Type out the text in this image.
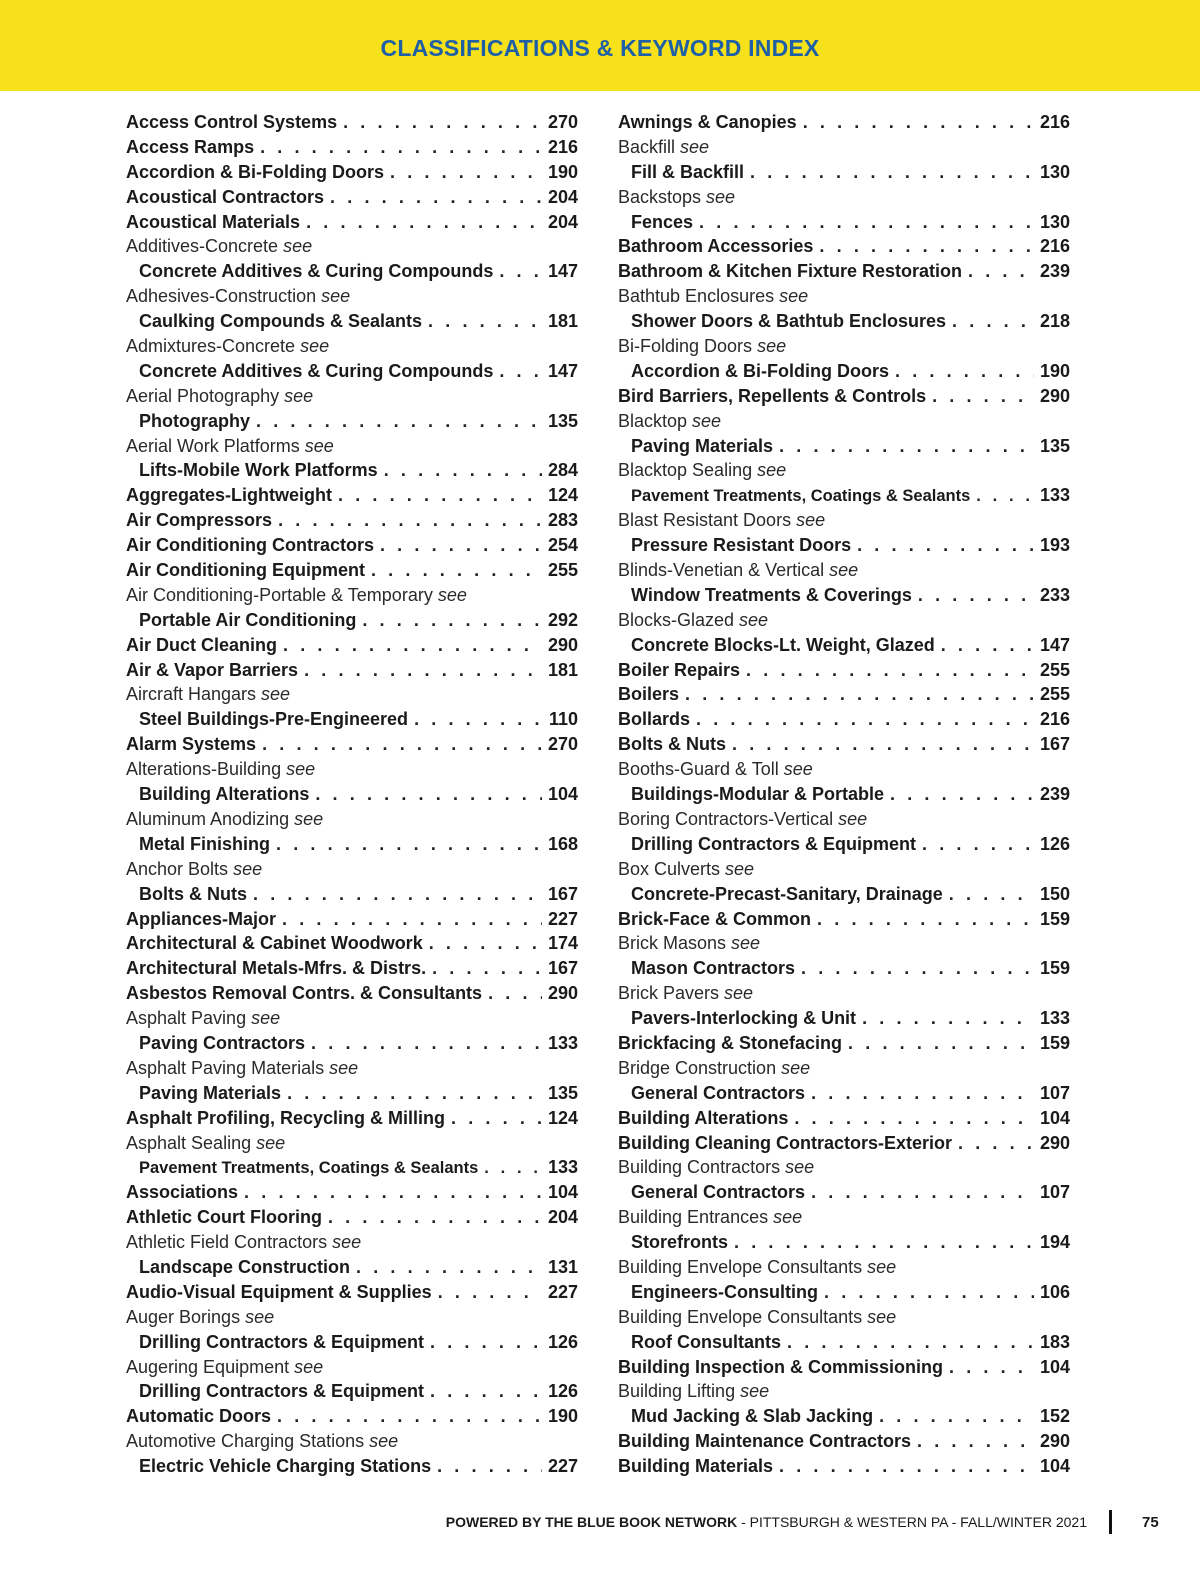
CLASSIFICATIONS & KEYWORD INDEX
Access Control Systems . . .	270
Access Ramps . . .	216
Accordion & Bi-Folding Doors . . .	190
Acoustical Contractors . . .	204
Acoustical Materials . . .	204
Additives-Concrete see
Concrete Additives & Curing Compounds . . .	147
Adhesives-Construction see
Caulking Compounds & Sealants . . .	181
Admixtures-Concrete see
Concrete Additives & Curing Compounds . . .	147
Aerial Photography see
Photography . . .	135
Aerial Work Platforms see
Lifts-Mobile Work Platforms . . .	284
Aggregates-Lightweight . . .	124
Air Compressors . . .	283
Air Conditioning Contractors . . .	254
Air Conditioning Equipment . . .	255
Air Conditioning-Portable & Temporary see
Portable Air Conditioning . . .	292
Air Duct Cleaning . . .	290
Air & Vapor Barriers . . .	181
Aircraft Hangars see
Steel Buildings-Pre-Engineered . . .	110
Alarm Systems . . .	270
Alterations-Building see
Building Alterations . . .	104
Aluminum Anodizing see
Metal Finishing . . .	168
Anchor Bolts see
Bolts & Nuts . . .	167
Appliances-Major . . .	227
Architectural & Cabinet Woodwork . . .	174
Architectural Metals-Mfrs. & Distrs. . . .	167
Asbestos Removal Contrs. & Consultants . . .	290
Asphalt Paving see
Paving Contractors . . .	133
Asphalt Paving Materials see
Paving Materials . . .	135
Asphalt Profiling, Recycling & Milling . . .	124
Asphalt Sealing see
Pavement Treatments, Coatings & Sealants . . .	133
Associations . . .	104
Athletic Court Flooring . . .	204
Athletic Field Contractors see
Landscape Construction . . .	131
Audio-Visual Equipment & Supplies . . .	227
Auger Borings see
Drilling Contractors & Equipment . . .	126
Augering Equipment see
Drilling Contractors & Equipment . . .	126
Automatic Doors . . .	190
Automotive Charging Stations see
Electric Vehicle Charging Stations . . .	227
Awnings & Canopies . . .	216
Backfill see
Fill & Backfill . . .	130
Backstops see
Fences . . .	130
Bathroom Accessories . . .	216
Bathroom & Kitchen Fixture Restoration . . .	239
Bathtub Enclosures see
Shower Doors & Bathtub Enclosures . . .	218
Bi-Folding Doors see
Accordion & Bi-Folding Doors . . .	190
Bird Barriers, Repellents & Controls . . .	290
Blacktop see
Paving Materials . . .	135
Blacktop Sealing see
Pavement Treatments, Coatings & Sealants . . .	133
Blast Resistant Doors see
Pressure Resistant Doors . . .	193
Blinds-Venetian & Vertical see
Window Treatments & Coverings . . .	233
Blocks-Glazed see
Concrete Blocks-Lt. Weight, Glazed . . .	147
Boiler Repairs . . .	255
Boilers . . .	255
Bollards . . .	216
Bolts & Nuts . . .	167
Booths-Guard & Toll see
Buildings-Modular & Portable . . .	239
Boring Contractors-Vertical see
Drilling Contractors & Equipment . . .	126
Box Culverts see
Concrete-Precast-Sanitary, Drainage . . .	150
Brick-Face & Common . . .	159
Brick Masons see
Mason Contractors . . .	159
Brick Pavers see
Pavers-Interlocking & Unit . . .	133
Brickfacing & Stonefacing . . .	159
Bridge Construction see
General Contractors . . .	107
Building Alterations . . .	104
Building Cleaning Contractors-Exterior . . .	290
Building Contractors see
General Contractors . . .	107
Building Entrances see
Storefronts . . .	194
Building Envelope Consultants see
Engineers-Consulting . . .	106
Building Envelope Consultants see
Roof Consultants . . .	183
Building Inspection & Commissioning . . .	104
Building Lifting see
Mud Jacking & Slab Jacking . . .	152
Building Maintenance Contractors . . .	290
Building Materials . . .	104
POWERED BY THE BLUE BOOK NETWORK - PITTSBURGH & WESTERN PA - FALL/WINTER 2021	75
